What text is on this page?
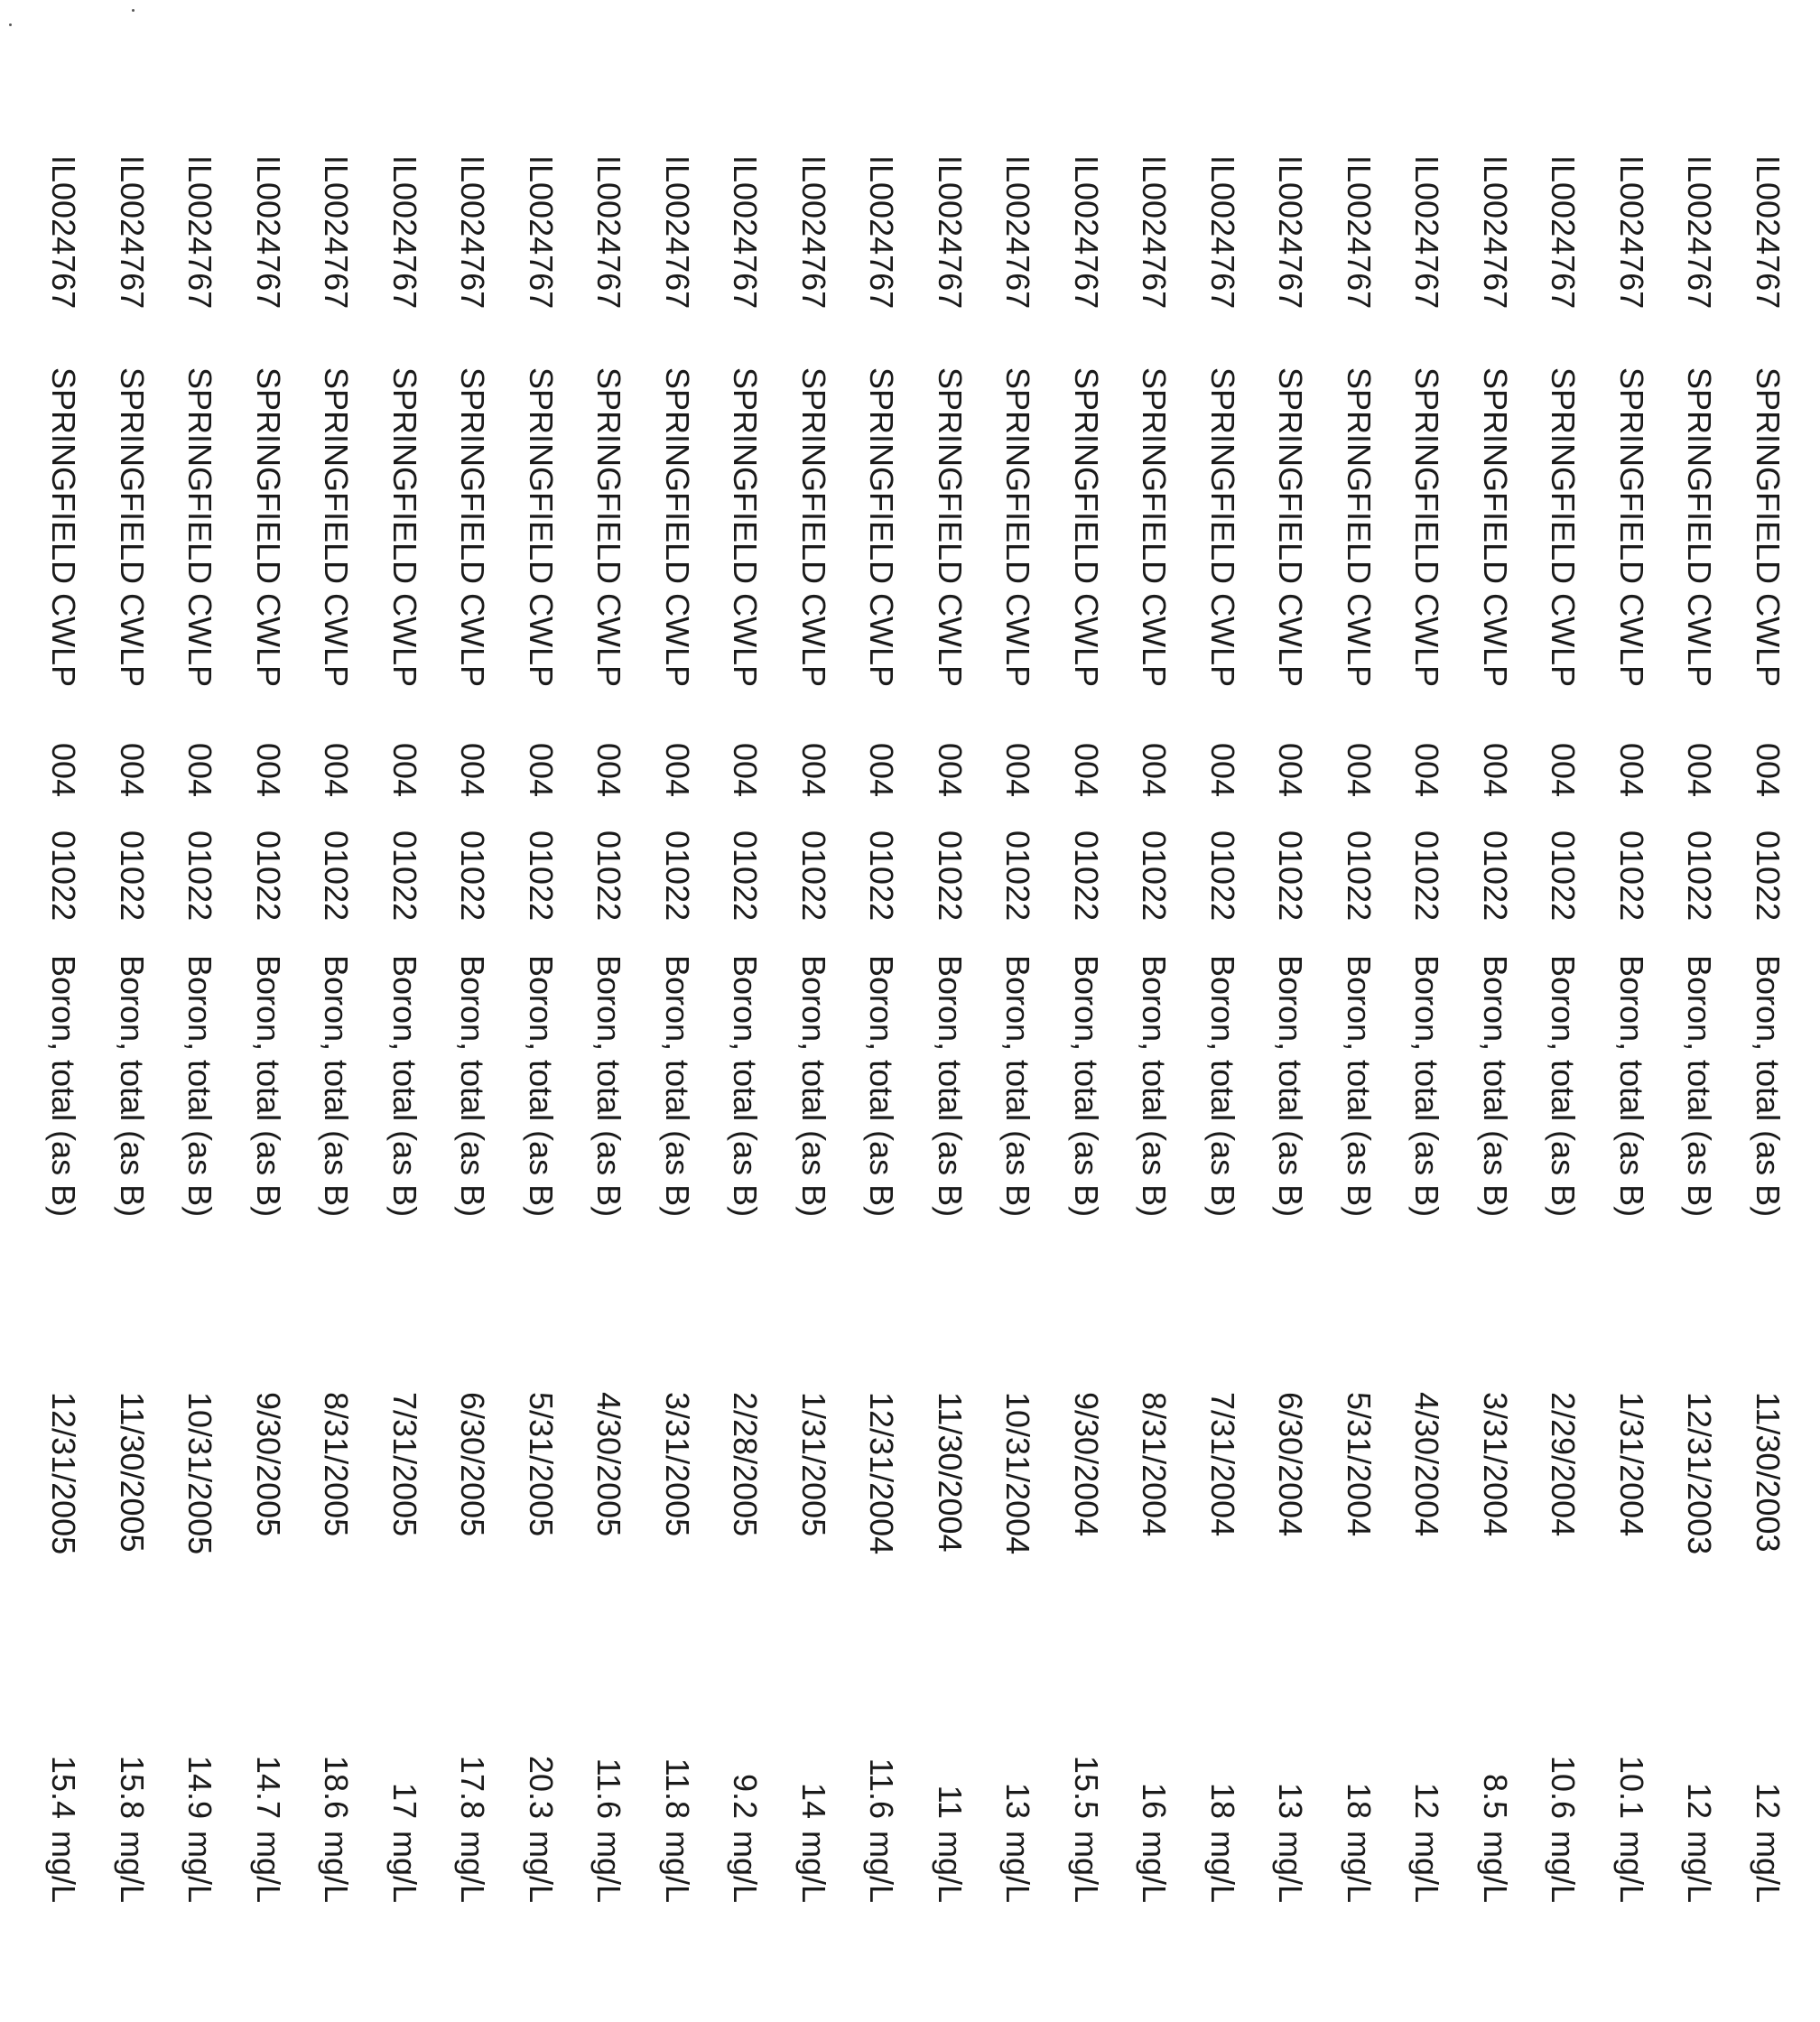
IL0024767
SPRINGFIELD CWLP
004
01022
Boron, total (as B)
11/30/2003
12
mg/L
IL0024767
SPRINGFIELD CWLP
004
01022
Boron, total (as B)
12/31/2003
12
mg/L
IL0024767
SPRINGFIELD CWLP
004
01022
Boron, total (as B)
1/31/2004
10.1
mg/L
IL0024767
SPRINGFIELD CWLP
004
01022
Boron, total (as B)
2/29/2004
10.6
mg/L
IL0024767
SPRINGFIELD CWLP
004
01022
Boron, total (as B)
3/31/2004
8.5
mg/L
IL0024767
SPRINGFIELD CWLP
004
01022
Boron, total (as B)
4/30/2004
12
mg/L
IL0024767
SPRINGFIELD CWLP
004
01022
Boron, total (as B)
5/31/2004
18
mg/L
IL0024767
SPRINGFIELD CWLP
004
01022
Boron, total (as B)
6/30/2004
13
mg/L
IL0024767
SPRINGFIELD CWLP
004
01022
Boron, total (as B)
7/31/2004
18
mg/L
IL0024767
SPRINGFIELD CWLP
004
01022
Boron, total (as B)
8/31/2004
16
mg/L
IL0024767
SPRINGFIELD CWLP
004
01022
Boron, total (as B)
9/30/2004
15.5
mg/L
IL0024767
SPRINGFIELD CWLP
004
01022
Boron, total (as B)
10/31/2004
13
mg/L
IL0024767
SPRINGFIELD CWLP
004
01022
Boron, total (as B)
11/30/2004
11
mg/L
IL0024767
SPRINGFIELD CWLP
004
01022
Boron, total (as B)
12/31/2004
11.6
mg/L
IL0024767
SPRINGFIELD CWLP
004
01022
Boron, total (as B)
1/31/2005
14
mg/L
IL0024767
SPRINGFIELD CWLP
004
01022
Boron, total (as B)
2/28/2005
9.2
mg/L
IL0024767
SPRINGFIELD CWLP
004
01022
Boron, total (as B)
3/31/2005
11.8
mg/L
IL0024767
SPRINGFIELD CWLP
004
01022
Boron, total (as B)
4/30/2005
11.6
mg/L
IL0024767
SPRINGFIELD CWLP
004
01022
Boron, total (as B)
5/31/2005
20.3
mg/L
IL0024767
SPRINGFIELD CWLP
004
01022
Boron, total (as B)
6/30/2005
17.8
mg/L
IL0024767
SPRINGFIELD CWLP
004
01022
Boron, total (as B)
7/31/2005
17
mg/L
IL0024767
SPRINGFIELD CWLP
004
01022
Boron, total (as B)
8/31/2005
18.6
mg/L
IL0024767
SPRINGFIELD CWLP
004
01022
Boron, total (as B)
9/30/2005
14.7
mg/L
IL0024767
SPRINGFIELD CWLP
004
01022
Boron, total (as B)
10/31/2005
14.9
mg/L
IL0024767
SPRINGFIELD CWLP
004
01022
Boron, total (as B)
11/30/2005
15.8
mg/L
IL0024767
SPRINGFIELD CWLP
004
01022
Boron, total (as B)
12/31/2005
15.4
mg/L
